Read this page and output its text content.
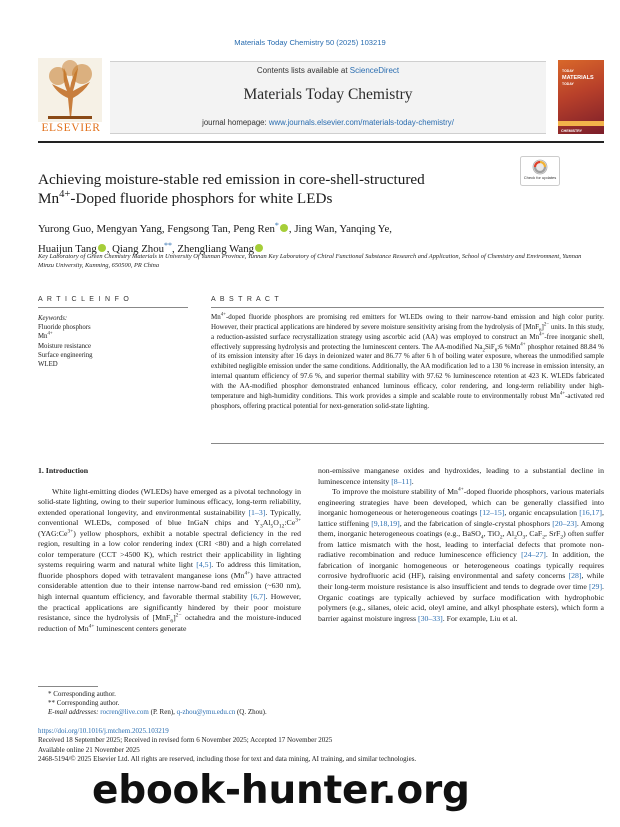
Materials Today Chemistry 50 (2025) 103219
ELSEVIER
Contents lists available at ScienceDirect
Materials Today Chemistry
journal homepage: www.journals.elsevier.com/materials-today-chemistry/
TODAY
MATERIALS
TODAY
CHEMISTRY
Achieving moisture-stable red emission in core-shell-structured
$Mn^{4+}$-Doped fluoride phosphors for white LEDs
Check for updates
Yurong Guo, Mengyan Yang, Fengsong Tan, Peng Ren* , Jing Wan, Yanqing Ye,
Huaijun Tang , Qiang Zhou**, Zhengliang Wang
Key Laboratory of Green Chemistry Materials in University Of Yunnan Province, Yunnan Key Laboratory of Chiral Functional Substance Research and Application, School of Chemistry and Environment, Yunnan Minzu University, Kunming, 650500, PR China
A R T I C L E I N F O	A B S T R A C T
Keywords:
Fluoride phosphors
$Mn^{4+}$
Moisture resistance
Surface engineering
WLED
$Mn^{4+}$-doped fluoride phosphors are promising red emitters for WLEDs owing to their narrow-band emission and high color purity. However, their practical applications are hindered by severe moisture sensitivity arising from the hydrolysis of $[MnF_6]^{2-}$ units. In this study, a reduction-assisted surface recrystallization strategy using ascorbic acid (AA) was employed to construct an $Mn^{4+}$-free inorganic shell, effectively suppressing hydrolysis and protecting the luminescent centers. The AA-modified $Na_2SiF_6:6$ $\%Mn^{4+}$ phosphor retained 88.84 % of its emission intensity after 16 days in deionized water and 86.77 % after 6 h of boiling water exposure, whereas the unmodified sample exhibited negligible emission under the same conditions. Additionally, the AA modification led to a 130 % increase in emission intensity, an internal quantum efficiency of 97.6 %, and superior thermal stability with 97.62 % luminescence retention at 423 K. WLEDs fabricated with the AA-modified phosphor demonstrated enhanced luminous efficacy, color rendering, and long-term reliability under high-temperature and high-humidity conditions. This work provides a simple and scalable route to environmentally robust $Mn^{4+}$-activated red phosphors, offering practical potential for next-generation solid-state lighting.
1. Introduction
White light-emitting diodes (WLEDs) have emerged as a pivotal technology in solid-state lighting, owing to their superior luminous efficacy, long-term reliability, extended operational longevity, and environmental sustainability [1–3]. Typically, conventional WLEDs, composed of blue InGaN chips and $Y_3Al_5O_{12}:Ce^{3+}$ $(YAG:Ce^{3+})$ yellow phosphors, exhibit a notable spectral deficiency in the red region, resulting in a low color rendering index (CRI <80) and a high correlated color temperature (CCT >4500 K), which restrict their applicability in lighting systems requiring warm and natural white light [4,5]. To address this limitation, fluoride phosphors doped with tetravalent manganese ions $(Mn^{4+})$ have attracted considerable attention due to their intense narrow-band red emission (~630 nm), high internal quantum efficiency, and favorable thermal stability [6,7]. However, the practical applications are significantly hindered by their poor moisture resistance, since the hydrolysis of $[MnF_6]^{2-}$ octahedra and the moisture-induced reduction of $Mn^{4+}$ luminescent centers generate
non-emissive manganese oxides and hydroxides, leading to a substantial decline in luminescence intensity [8–11].
To improve the moisture stability of $Mn^{4+}$-doped fluoride phosphors, various materials engineering strategies have been developed, which can be generally classified into inorganic homogeneous or heterogeneous coatings [12–15], organic encapsulation [16,17], lattice stiffening [9,18,19], and the fabrication of single-crystal phosphors [20–23]. Among them, inorganic heterogeneous coatings (e.g., BaSO$_4$, TiO$_2$, $Al_2O_3$, CaF$_2$, SrF$_2$) often suffer from lattice mismatch with the host, leading to interfacial defects that promote non-radiative recombination and reduce luminescence efficiency [24–27]. In addition, the fabrication of inorganic homogeneous or heterogeneous coatings typically requires corrosive hydrofluoric acid (HF), raising environmental and safety concerns [28], while their long-term moisture resistance is also insufficient and tends to degrade over time [29]. Organic coatings are typically achieved by surface modification with hydrophobic polymers (e.g., silanes, oleic acid, oleyl amine, and alkyl phosphate esters), which form a barrier against moisture ingress [30–33]. For example, Liu et al.
* Corresponding author.
** Corresponding author.
E-mail addresses: rocren@live.com (P. Ren), q-zhou@ymu.edu.cn (Q. Zhou).
https://doi.org/10.1016/j.mtchem.2025.103219
Received 18 September 2025; Received in revised form 6 November 2025; Accepted 17 November 2025
Available online 21 November 2025
2468-5194/© 2025 Elsevier Ltd. All rights are reserved, including those for text and data mining, AI training, and similar technologies.
ebook-hunter.org
